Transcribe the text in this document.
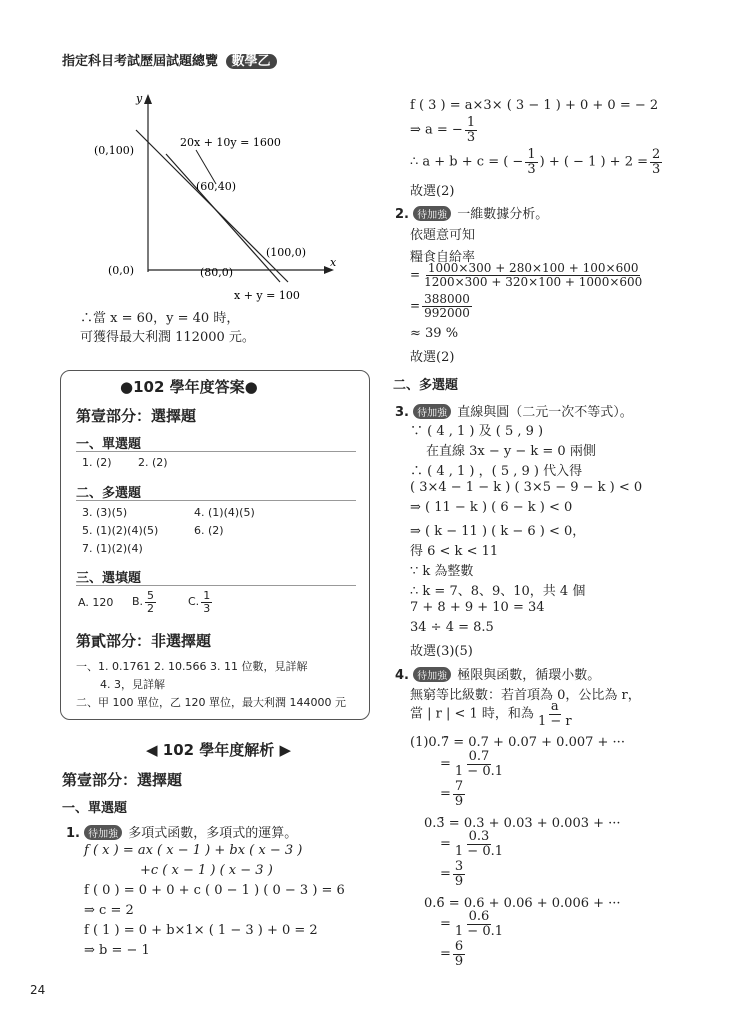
指定科目考試歷屆試題總覽 數學乙
y
x
(0,100)
20x + 10y = 1600
(60,40)
(100,0)
(0,0)	(80,0)
x + y = 100
∴當 x = 60，y = 40 時，
可獲得最大利潤 112000 元。
●102 學年度答案●
第壹部分：選擇題
一、單選題
1. (2) 2. (2)
二、多選題
3. (3)(5)	4. (1)(4)(5)
5. (1)(2)(4)(5)	6. (2)
7. (1)(2)(4)
三、選填題
A. 120 B. $\frac{5}{2}$	C. $\frac{1}{3}$
第貳部分：非選擇題
一、1. 0.1761 2. 10.566 3. 11 位數，見詳解
4. 3，見詳解
二、甲 100 單位，乙 120 單位，最大利潤 144000 元
◀ 102 學年度解析 ▶
第壹部分：選擇題
一、單選題
1. 待加強 多項式函數，多項式的運算。
f ( x ) = ax ( x − 1 ) + bx ( x − 3 )
+c ( x − 1 ) ( x − 3 )
f ( 0 ) = 0 + 0 + c ( 0 − 1 ) ( 0 − 3 ) = 6
⇒ c = 2
f ( 1 ) = 0 + b×1× ( 1 − 3 ) + 0 = 2
⇒ b = − 1
24
f ( 3 ) = a×3× ( 3 − 1 ) + 0 + 0 = − 2
⇒ a = − $\frac{1}{3}$
∴ a + b + c = ( − $\frac{1}{3}$ ) + ( − 1 ) + $2 = \frac{2}{3}$
故選(2)
2. 待加強 一維數據分析。
依題意可知
糧食自給率
= $\frac{1000\times 300 + 280\times 100 + 100\times 600}{1200\times 300 + 320\times 100 + 1000\times 600}$
= $\frac{388000}{992000}$
≈ 39 %
故選(2)
二、多選題
3. 待加強 直線與圓（二元一次不等式）。
∵ ( 4 , 1 ) 及 ( 5 , 9 )
在直線 3x − y − k = 0 兩側
∴ ( 4 , 1 ) ，( 5 , 9 ) 代入得
( 3×4 − 1 − k ) ( 3×5 − 9 − k ) < 0
⇒ ( 11 − k ) ( 6 − k ) < 0
⇒ ( k − 11 ) ( k − 6 ) < 0，
得 6 < k < 11
∵ k 為整數
∴ k = 7、8、9、10，共 4 個
7 + 8 + 9 + 10 = 34
34 ÷ 4 = 8.5
故選(3)(5)
4. 待加強 極限與函數，循環小數。
無窮等比級數：若首項為 0，公比為 r，
當 | r | < 1 時，和為 $\frac{a}{1 - r}$
(1)0.7̄ = 0.7 + 0.07 + 0.007 + ···
= $\frac{0.7}{1 - 0.1}$
= $\frac{7}{9}$
0.3̄ = 0.3 + 0.03 + 0.003 + ···
= $\frac{0.3}{1 - 0.1}$
= $\frac{3}{9}$
0.6̄ = 0.6 + 0.06 + 0.006 + ···
= $\frac{0.6}{1 - 0.1}$
= $\frac{6}{9}$
